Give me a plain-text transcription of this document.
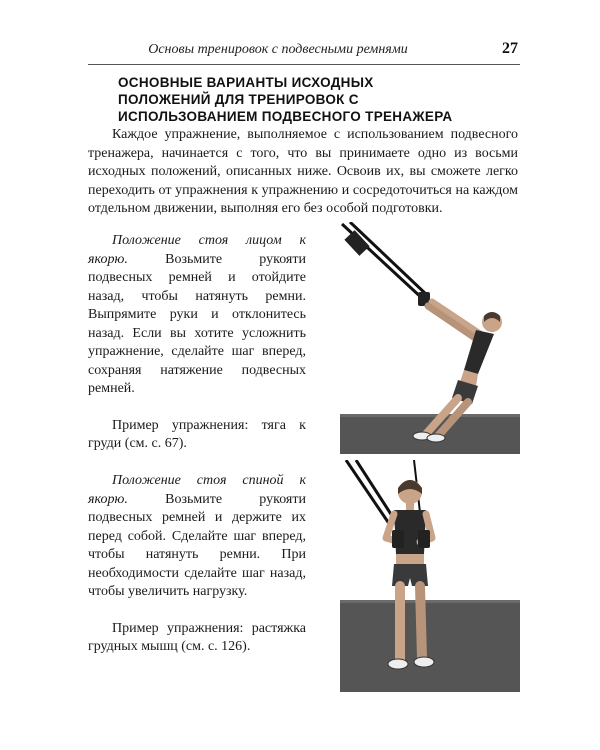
Основы тренировок с подвесными ремнями	27
ОСНОВНЫЕ ВАРИАНТЫ ИСХОДНЫХ ПОЛОЖЕНИЙ ДЛЯ ТРЕНИРОВОК С ИСПОЛЬЗОВАНИЕМ ПОДВЕСНОГО ТРЕНАЖЕРА

Каждое упражнение, выполняемое с использованием подвесного тренажера, начинается с того, что вы принимаете одно из восьми исходных положений, описанных ниже. Освоив их, вы сможете легко переходить от упражнения к упражнению и сосредоточиться на каждом отдельном движении, выполняя его без особой подготовки.

Положение стоя лицом к якорю. Возьмите рукояти подвесных ремней и отойдите назад, чтобы натянуть ремни. Выпрямите руки и отклонитесь назад. Если вы хотите усложнить упражнение, сделайте шаг вперед, сохраняя натяжение подвесных ремней.

Пример упражнения: тяга к груди (см. с. 67).

Положение стоя спиной к якорю. Возьмите рукояти подвесных ремней и держите их перед собой. Сделайте шаг вперед, чтобы натянуть ремни. При необходимости сделайте шаг назад, чтобы увеличить нагрузку.

Пример упражнения: растяжка грудных мышц (см. с. 126).
